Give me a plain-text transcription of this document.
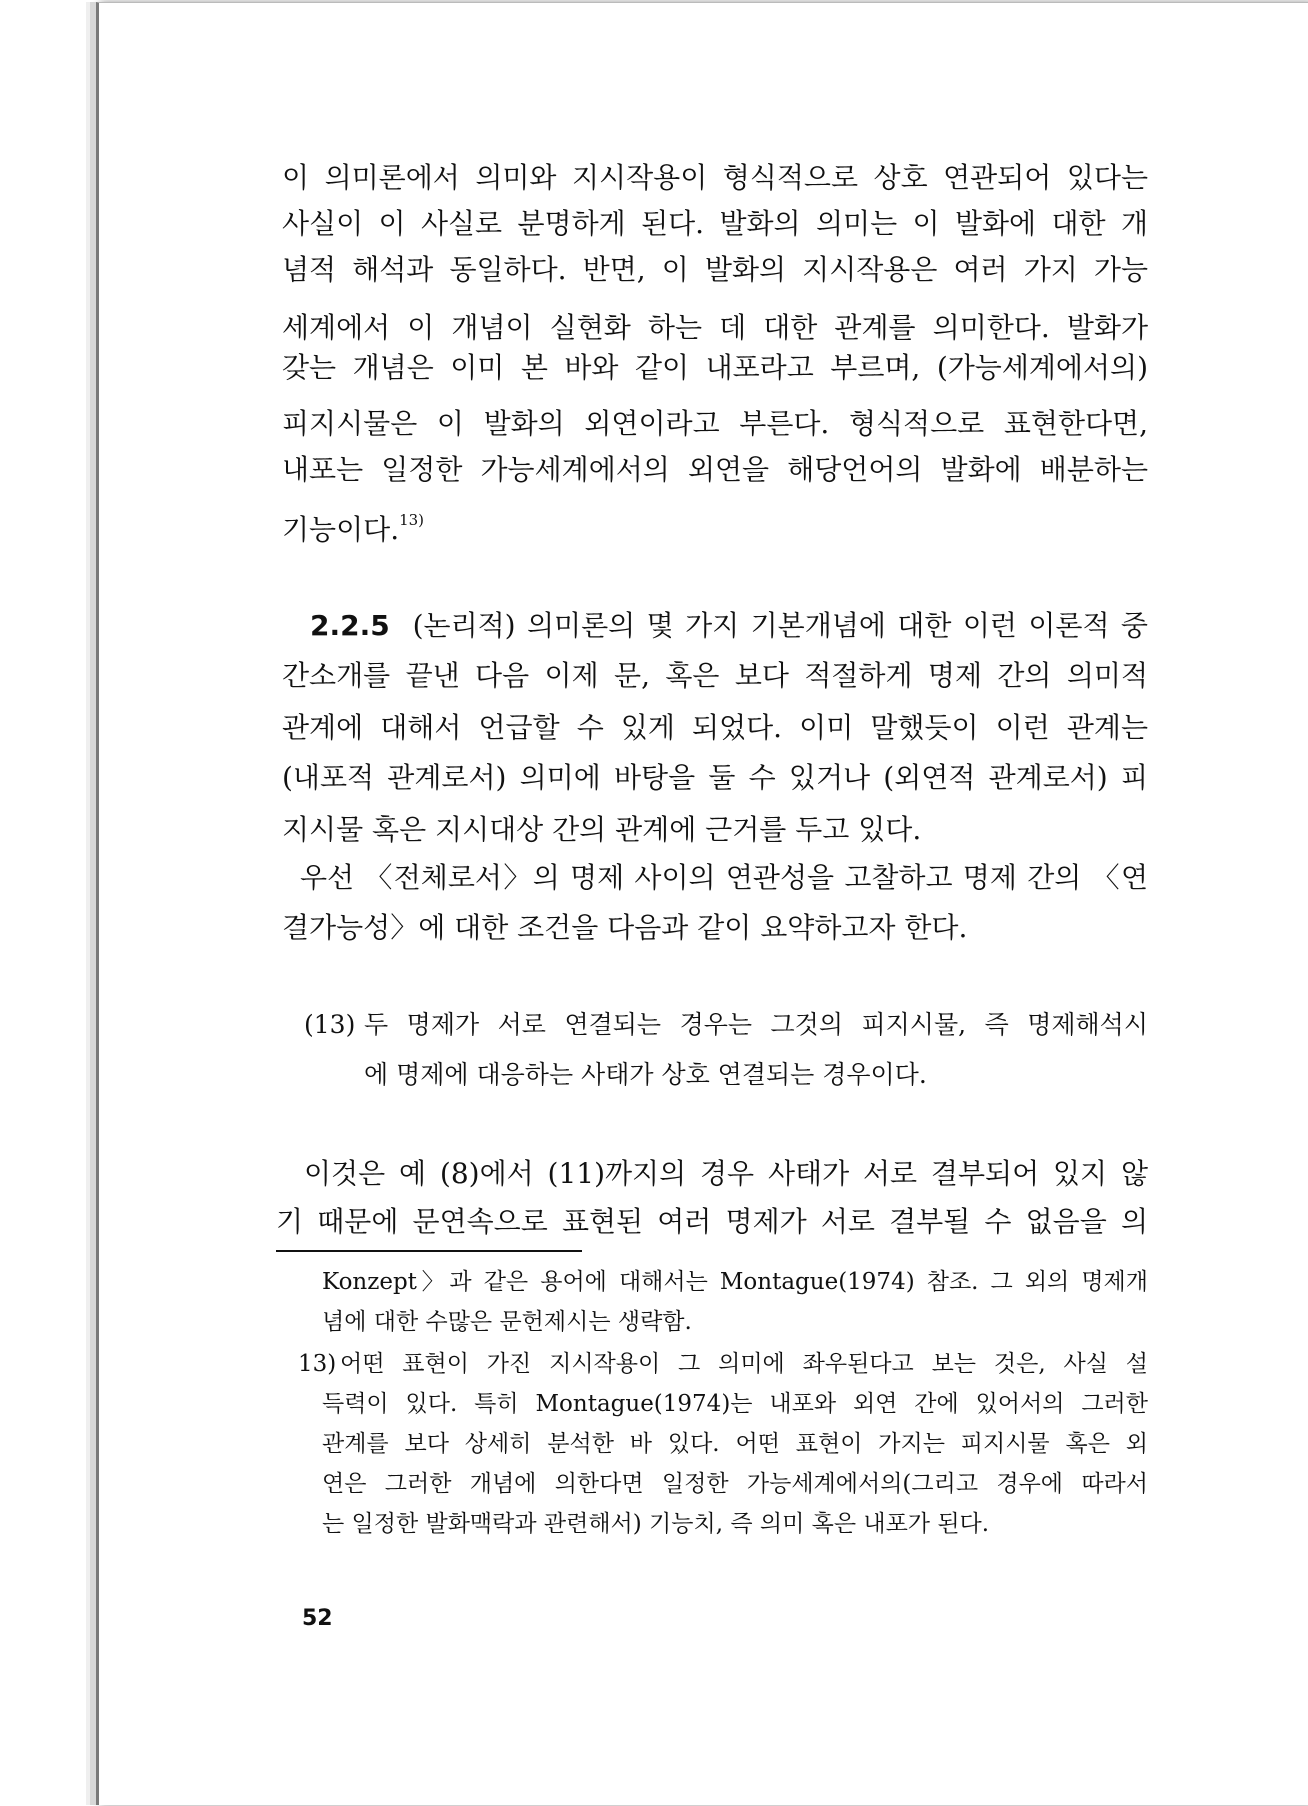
이 의미론에서 의미와 지시작용이 형식적으로 상호 연관되어 있다는
사실이 이 사실로 분명하게 된다. 발화의 의미는 이 발화에 대한 개
념적 해석과 동일하다. 반면, 이 발화의 지시작용은 여러 가지 가능
세계에서 이 개념이 실현화 하는 데 대한 관계를 의미한다. 발화가
갖는 개념은 이미 본 바와 같이 내포라고 부르며, (가능세계에서의)
피지시물은 이 발화의 외연이라고 부른다. 형식적으로 표현한다면,
내포는 일정한 가능세계에서의 외연을 해당언어의 발화에 배분하는
기능이다.$^{13)}$
2.2.5 (논리적) 의미론의 몇 가지 기본개념에 대한 이런 이론적 중
간소개를 끝낸 다음 이제 문, 혹은 보다 적절하게 명제 간의 의미적
관계에 대해서 언급할 수 있게 되었다. 이미 말했듯이 이런 관계는
(내포적 관계로서) 의미에 바탕을 둘 수 있거나 (외연적 관계로서) 피
지시물 혹은 지시대상 간의 관계에 근거를 두고 있다.
우선 〈전체로서〉의 명제 사이의 연관성을 고찰하고 명제 간의 〈연
결가능성〉에 대한 조건을 다음과 같이 요약하고자 한다.
(13) 두 명제가 서로 연결되는 경우는 그것의 피지시물, 즉 명제해석시
에 명제에 대응하는 사태가 상호 연결되는 경우이다.
이것은 예 (8)에서 (11)까지의 경우 사태가 서로 결부되어 있지 않
기 때문에 문연속으로 표현된 여러 명제가 서로 결부될 수 없음을 의
Konzept〉과 같은 용어에 대해서는 Montague(1974) 참조. 그 외의 명제개
념에 대한 수많은 문헌제시는 생략함.
13) 어떤 표현이 가진 지시작용이 그 의미에 좌우된다고 보는 것은, 사실 설
득력이 있다. 특히 Montague(1974)는 내포와 외연 간에 있어서의 그러한
관계를 보다 상세히 분석한 바 있다. 어떤 표현이 가지는 피지시물 혹은 외
연은 그러한 개념에 의한다면 일정한 가능세계에서의(그리고 경우에 따라서
는 일정한 발화맥락과 관련해서) 기능치, 즉 의미 혹은 내포가 된다.
52
